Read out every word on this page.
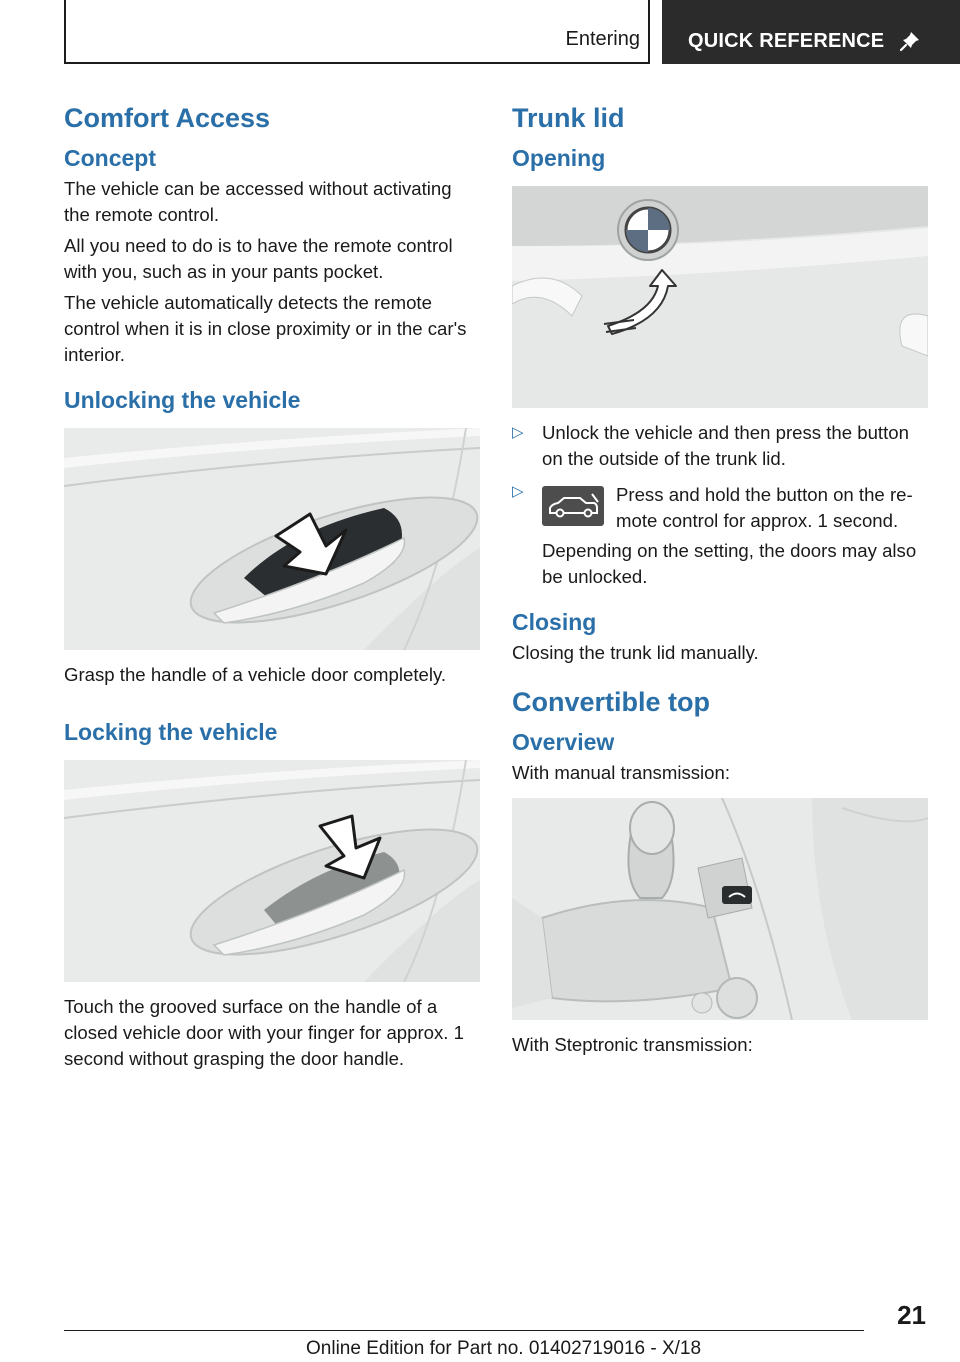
Entering QUICK REFERENCE
Comfort Access
Concept
The vehicle can be accessed without activating the remote control.
All you need to do is to have the remote control with you, such as in your pants pocket.
The vehicle automatically detects the remote control when it is in close proximity or in the car's interior.
Unlocking the vehicle
Grasp the handle of a vehicle door completely.
Locking the vehicle
Touch the grooved surface on the handle of a closed vehicle door with your finger for approx. 1 second without grasping the door handle.
Trunk lid
Opening
▷ Unlock the vehicle and then press the button on the outside of the trunk lid.
▷	Press and hold the button on the re‐mote control for approx. 1 second.
Depending on the setting, the doors may also be unlocked.
Closing
Closing the trunk lid manually.
Convertible top
Overview
With manual transmission:
With Steptronic transmission:
21
Online Edition for Part no. 01402719016 - X/18
